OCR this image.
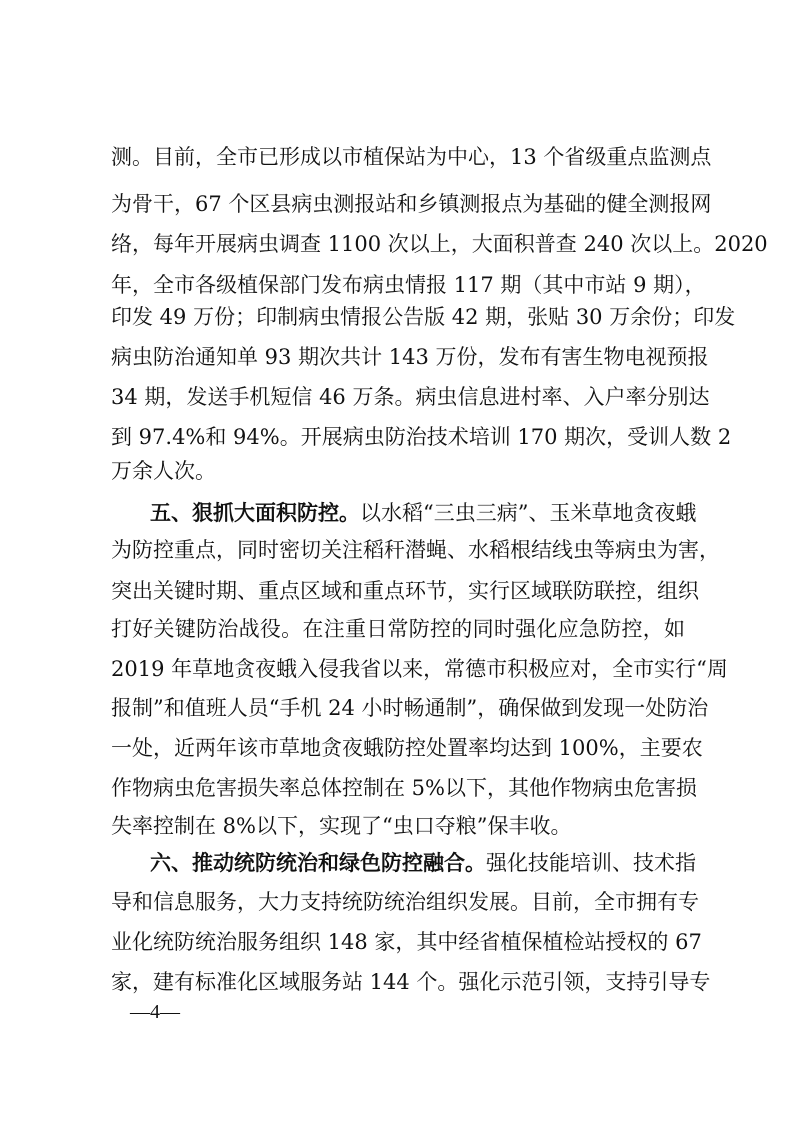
测。目前，全市已形成以市植保站为中心，13 个省级重点监测点
为骨干，67 个区县病虫测报站和乡镇测报点为基础的健全测报网
络，每年开展病虫调查 1100 次以上，大面积普查 240 次以上。2020
年，全市各级植保部门发布病虫情报 117 期（其中市站 9 期），
印发 49 万份；印制病虫情报公告版 42 期，张贴 30 万余份；印发
病虫防治通知单 93 期次共计 143 万份，发布有害生物电视预报
34 期，发送手机短信 46 万条。病虫信息进村率、入户率分别达
到 97.4%和 94%。开展病虫防治技术培训 170 期次，受训人数 2
万余人次。
五、狠抓大面积防控。以水稻“三虫三病”、玉米草地贪夜蛾
为防控重点，同时密切关注稻秆潜蝇、水稻根结线虫等病虫为害，
突出关键时期、重点区域和重点环节，实行区域联防联控，组织
打好关键防治战役。在注重日常防控的同时强化应急防控，如
2019 年草地贪夜蛾入侵我省以来，常德市积极应对，全市实行“周
报制”和值班人员“手机 24 小时畅通制”，确保做到发现一处防治
一处，近两年该市草地贪夜蛾防控处置率均达到 100%，主要农
作物病虫危害损失率总体控制在 5%以下，其他作物病虫危害损
失率控制在 8%以下，实现了“虫口夺粮”保丰收。
六、推动统防统治和绿色防控融合。强化技能培训、技术指
导和信息服务，大力支持统防统治组织发展。目前，全市拥有专
业化统防统治服务组织 148 家，其中经省植保植检站授权的 67
家，建有标准化区域服务站 144 个。强化示范引领，支持引导专
—4—
